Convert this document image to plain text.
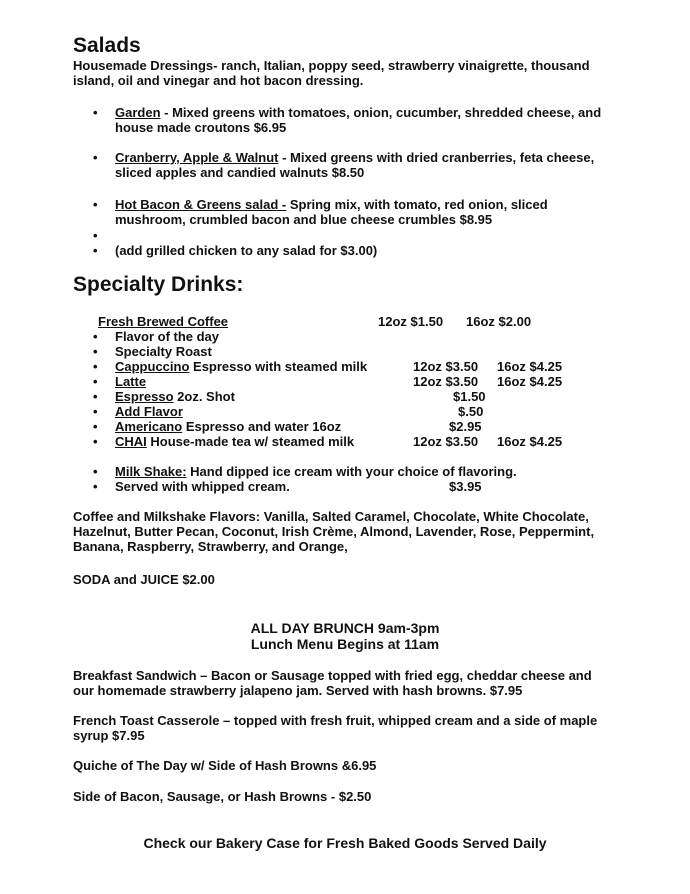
Salads
Housemade Dressings- ranch, Italian, poppy seed, strawberry vinaigrette, thousand island, oil and vinegar and hot bacon dressing.
• Garden - Mixed greens with tomatoes, onion, cucumber, shredded cheese, and house made croutons $6.95
• Cranberry, Apple & Walnut - Mixed greens with dried cranberries, feta cheese, sliced apples and candied walnuts $8.50
• Hot Bacon & Greens salad - Spring mix, with tomato, red onion, sliced mushroom, crumbled bacon and blue cheese crumbles $8.95
•
• (add grilled chicken to any salad for $3.00)
Specialty Drinks:
Fresh Brewed Coffee	12oz $1.50 16oz $2.00
• Flavor of the day
• Specialty Roast
• Cappuccino Espresso with steamed milk	12oz $3.50 16oz $4.25
• Latte	12oz $3.50 16oz $4.25
• Espresso 2oz. Shot	$1.50
• Add Flavor	$.50
• Americano Espresso and water 16oz	$2.95
• CHAI House-made tea w/ steamed milk	12oz $3.50 16oz $4.25
• Milk Shake: Hand dipped ice cream with your choice of flavoring.
• Served with whipped cream.	$3.95
Coffee and Milkshake Flavors: Vanilla, Salted Caramel, Chocolate, White Chocolate, Hazelnut, Butter Pecan, Coconut, Irish Crème, Almond, Lavender, Rose, Peppermint, Banana, Raspberry, Strawberry, and Orange,
SODA and JUICE $2.00
ALL DAY BRUNCH 9am-3pm
Lunch Menu Begins at 11am
Breakfast Sandwich – Bacon or Sausage topped with fried egg, cheddar cheese and our homemade strawberry jalapeno jam. Served with hash browns. $7.95
French Toast Casserole – topped with fresh fruit, whipped cream and a side of maple syrup $7.95
Quiche of The Day w/ Side of Hash Browns &6.95
Side of Bacon, Sausage, or Hash Browns - $2.50
Check our Bakery Case for Fresh Baked Goods Served Daily
